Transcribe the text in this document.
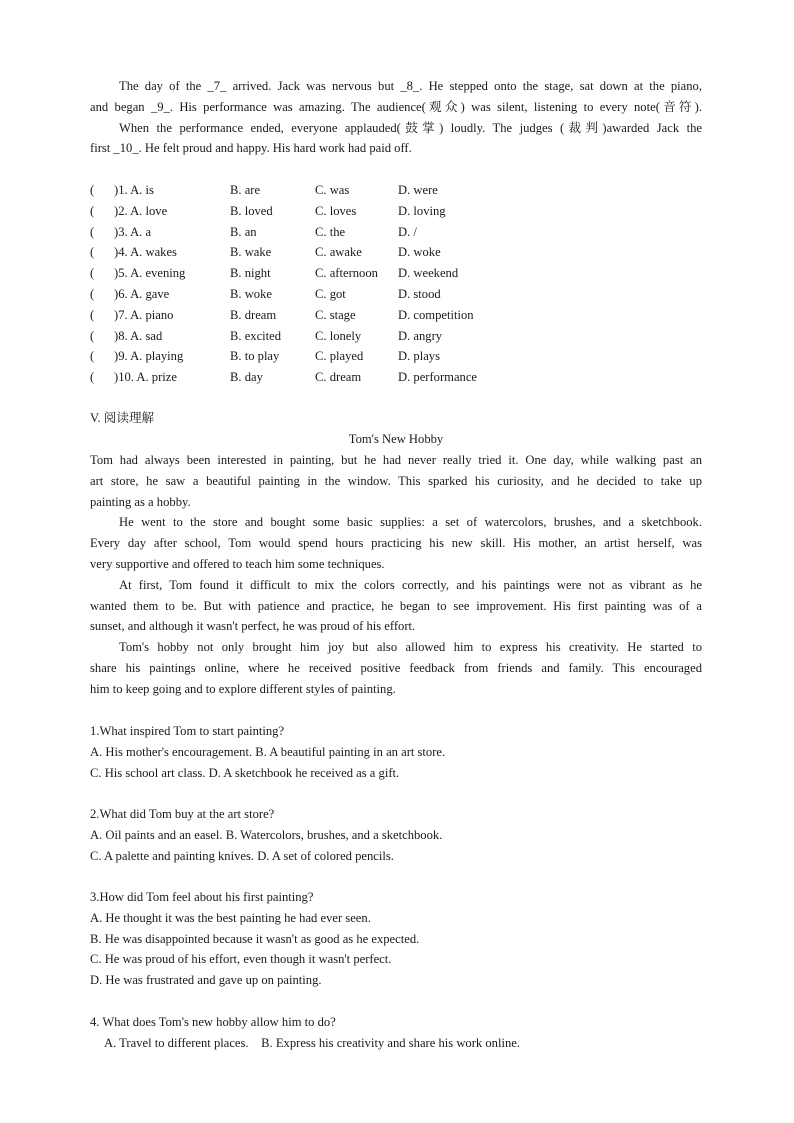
The day of the _7_ arrived. Jack was nervous but _8_. He stepped onto the stage, sat down at the piano,

and began _9_. His performance was amazing. The audience(观众) was silent, listening to every note(音符).

When the performance ended, everyone applauded(鼓掌) loudly. The judges (裁判)awarded Jack the

first _10_. He felt proud and happy. His hard work had paid off.

( )1. A. is	B. are	C. was	D. were
( )2. A. love	B. loved	C. loves	D. loving
( )3. A. a	B. an	C. the	D. /
( )4. A. wakes	B. wake	C. awake	D. woke
( )5. A. evening	B. night	C. afternoon D. weekend
( )6. A. gave	B. woke	C. got	D. stood
( )7. A. piano	B. dream	C. stage	D. competition
( )8. A. sad	B. excited	C. lonely	D. angry
( )9. A. playing	B. to play	C. played	D. plays
( )10. A. prize	B. day	C. dream	D. performance
V. 阅读理解
Tom's New Hobby

Tom had always been interested in painting, but he had never really tried it. One day, while walking past an

art store, he saw a beautiful painting in the window. This sparked his curiosity, and he decided to take up

painting as a hobby.

He went to the store and bought some basic supplies: a set of watercolors, brushes, and a sketchbook.

Every day after school, Tom would spend hours practicing his new skill. His mother, an artist herself, was

very supportive and offered to teach him some techniques.

At first, Tom found it difficult to mix the colors correctly, and his paintings were not as vibrant as he

wanted them to be. But with patience and practice, he began to see improvement. His first painting was of a

sunset, and although it wasn't perfect, he was proud of his effort.

Tom's hobby not only brought him joy but also allowed him to express his creativity. He started to

share his paintings online, where he received positive feedback from friends and family. This encouraged

him to keep going and to explore different styles of painting.

1.What inspired Tom to start painting?

A. His mother's encouragement. B. A beautiful painting in an art store.

C. His school art class. D. A sketchbook he received as a gift.

2.What did Tom buy at the art store?

A. Oil paints and an easel. B. Watercolors, brushes, and a sketchbook.

C. A palette and painting knives. D. A set of colored pencils.

3.How did Tom feel about his first painting?

A. He thought it was the best painting he had ever seen.

B. He was disappointed because it wasn't as good as he expected.

C. He was proud of his effort, even though it wasn't perfect.

D. He was frustrated and gave up on painting.

4. What does Tom's new hobby allow him to do?

A. Travel to different places.    B. Express his creativity and share his work online.
